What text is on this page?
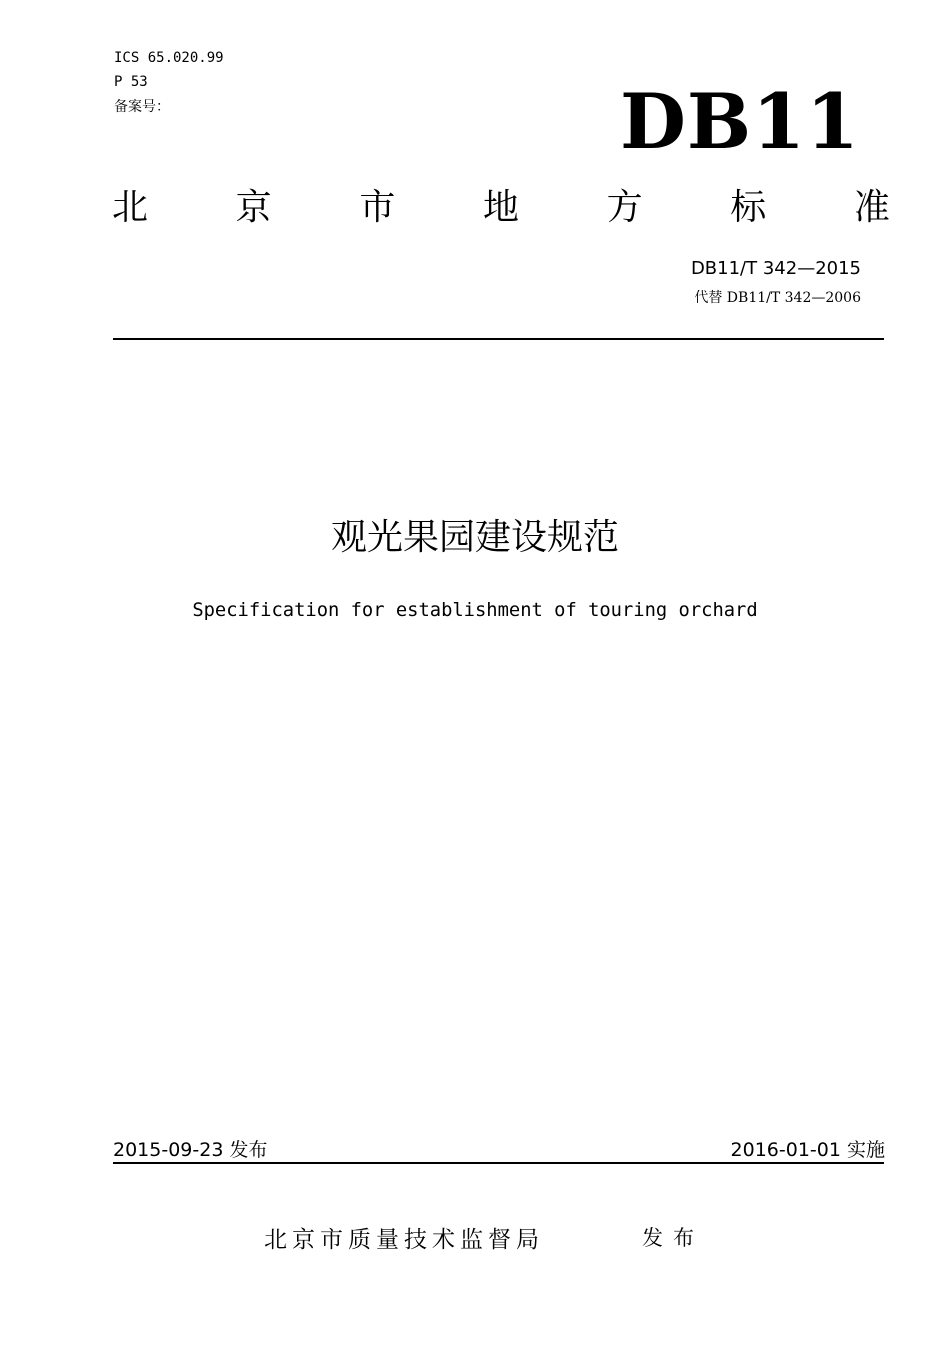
ICS 65.020.99
P 53
备案号：	DB11
北 京 市 地 方 标 准
DB11/T 342—2015
代替 DB11/T 342—2006
观光果园建设规范
Specification for establishment of touring orchard
2015-09-23 发布	2016-01-01 实施
北京市质量技术监督局	发布
